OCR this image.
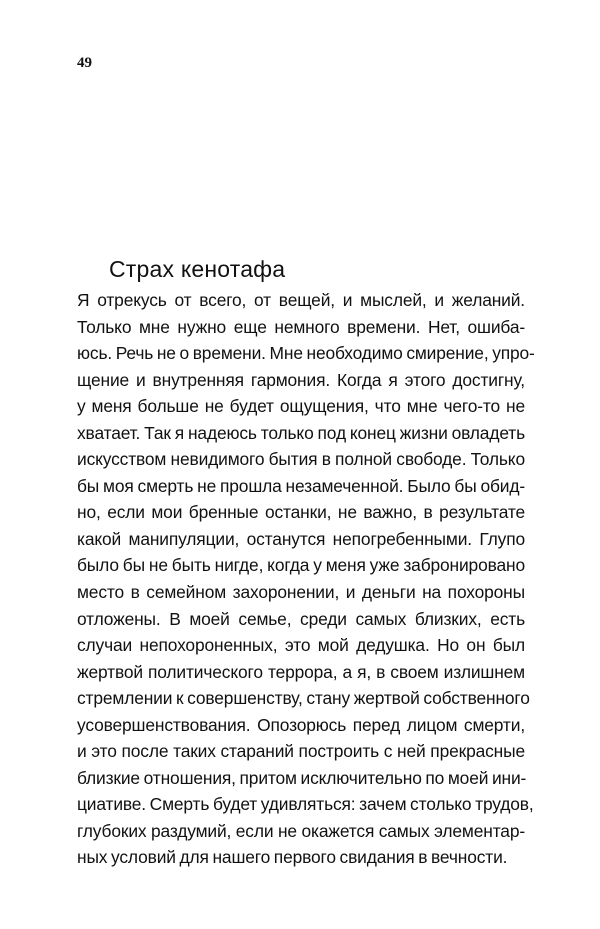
49
Страх кенотафа
Я отрекусь от всего, от вещей, и мыслей, и желаний.
Только мне нужно еще немного времени. Нет, ошиба-
юсь. Речь не о времени. Мне необходимо смирение, упро-
щение и внутренняя гармония. Когда я этого достигну,
у меня больше не будет ощущения, что мне чего-то не
хватает. Так я надеюсь только под конец жизни овладеть
искусством невидимого бытия в полной свободе. Только
бы моя смерть не прошла незамеченной. Было бы обид-
но, если мои бренные останки, не важно, в результате
какой манипуляции, останутся непогребенными. Глупо
было бы не быть нигде, когда у меня уже забронировано
место в семейном захоронении, и деньги на похороны
отложены. В моей семье, среди самых близких, есть
случаи непохороненных, это мой дедушка. Но он был
жертвой политического террора, а я, в своем излишнем
стремлении к совершенству, стану жертвой собственного
усовершенствования. Опозорюсь перед лицом смерти,
и это после таких стараний построить с ней прекрасные
близкие отношения, притом исключительно по моей ини-
циативе. Смерть будет удивляться: зачем столько трудов,
глубоких раздумий, если не окажется самых элементар-
ных условий для нашего первого свидания в вечности.
